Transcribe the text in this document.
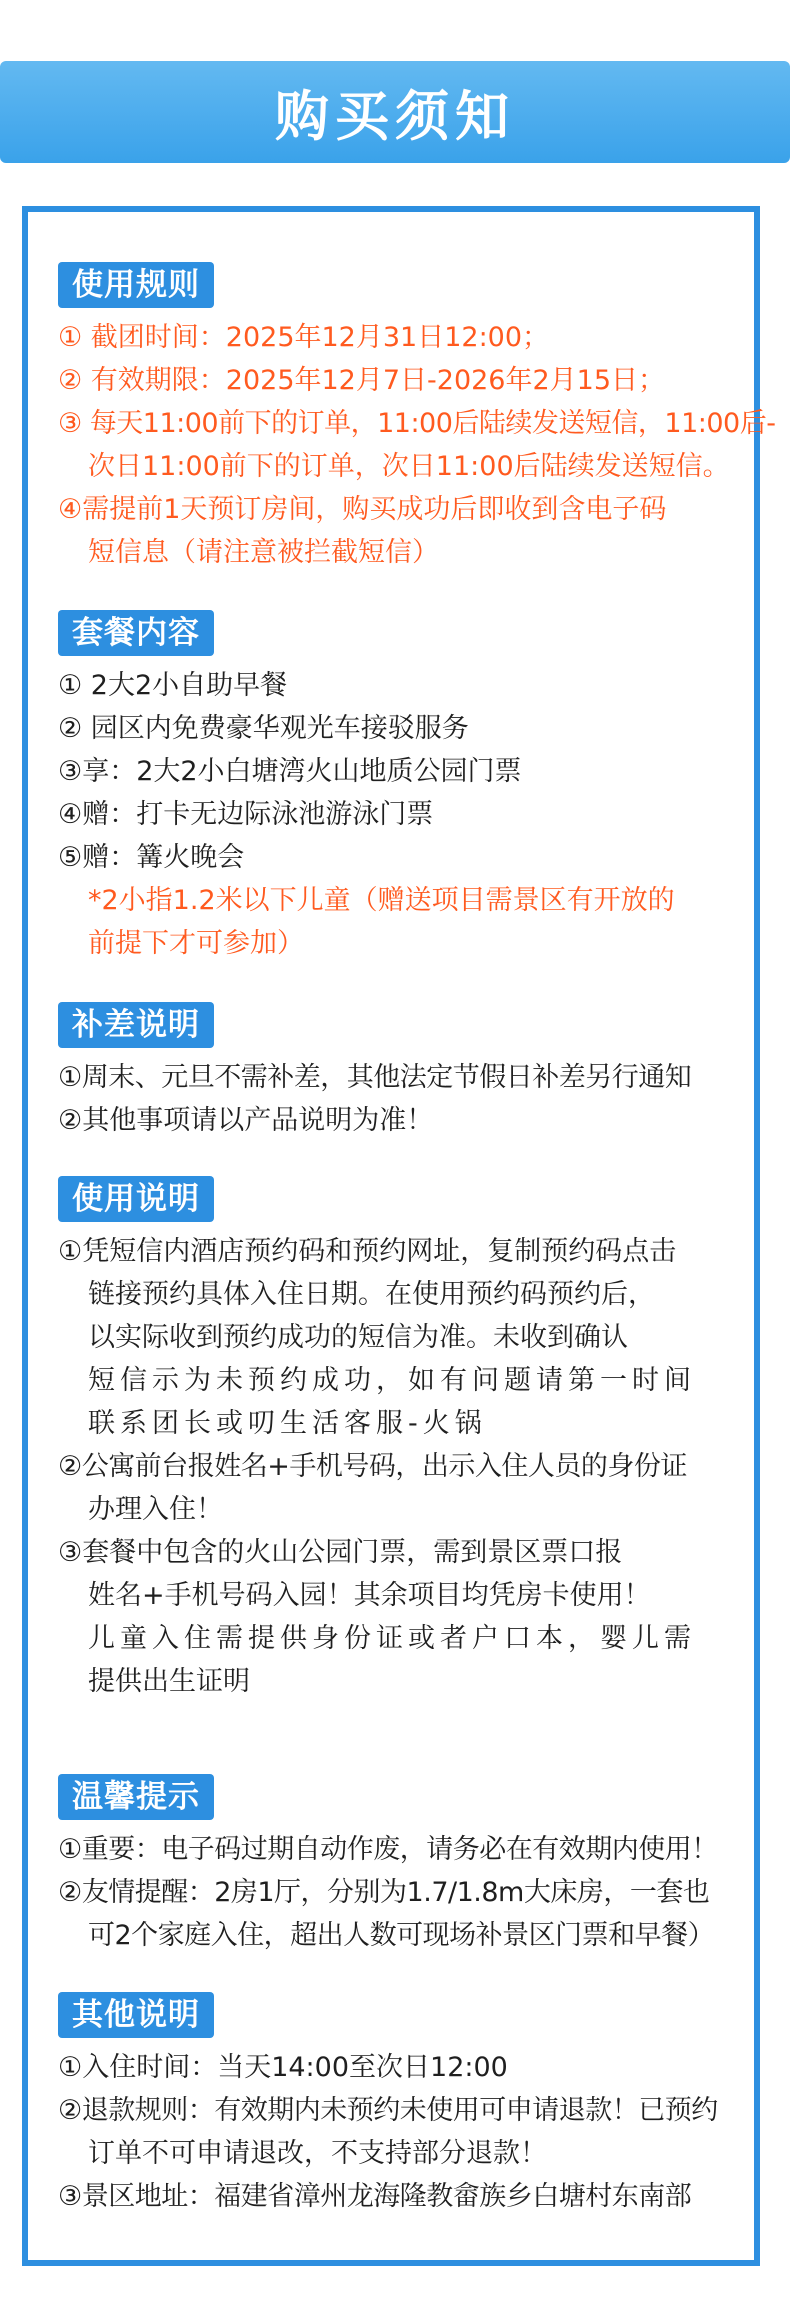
购买须知
使用规则
① 截团时间：2025年12月31日12:00；
② 有效期限：2025年12月7日-2026年2月15日；
③ 每天11:00前下的订单，11:00后陆续发送短信，11:00后-
次日11:00前下的订单，次日11:00后陆续发送短信。
④需提前1天预订房间，购买成功后即收到含电子码
短信息（请注意被拦截短信）
套餐内容
① 2大2小自助早餐
② 园区内免费豪华观光车接驳服务
③享：2大2小白塘湾火山地质公园门票
④赠：打卡无边际泳池游泳门票
⑤赠：篝火晚会
*2小指1.2米以下儿童（赠送项目需景区有开放的
前提下才可参加）
补差说明
①周末、元旦不需补差，其他法定节假日补差另行通知
②其他事项请以产品说明为准！
使用说明
①凭短信内酒店预约码和预约网址，复制预约码点击
链接预约具体入住日期。在使用预约码预约后，
以实际收到预约成功的短信为准。未收到确认
短信示为未预约成功，如有问题请第一时间
联系团长或叨生活客服-火锅
②公寓前台报姓名+手机号码，出示入住人员的身份证
办理入住！
③套餐中包含的火山公园门票，需到景区票口报
姓名+手机号码入园！其余项目均凭房卡使用！
儿童入住需提供身份证或者户口本，婴儿需
提供出生证明
温馨提示
①重要：电子码过期自动作废，请务必在有效期内使用！
②友情提醒：2房1厅，分别为1.7/1.8m大床房，一套也
可2个家庭入住，超出人数可现场补景区门票和早餐）
其他说明
①入住时间：当天14:00至次日12:00
②退款规则：有效期内未预约未使用可申请退款！已预约
订单不可申请退改，不支持部分退款！
③景区地址：福建省漳州龙海隆教畲族乡白塘村东南部
